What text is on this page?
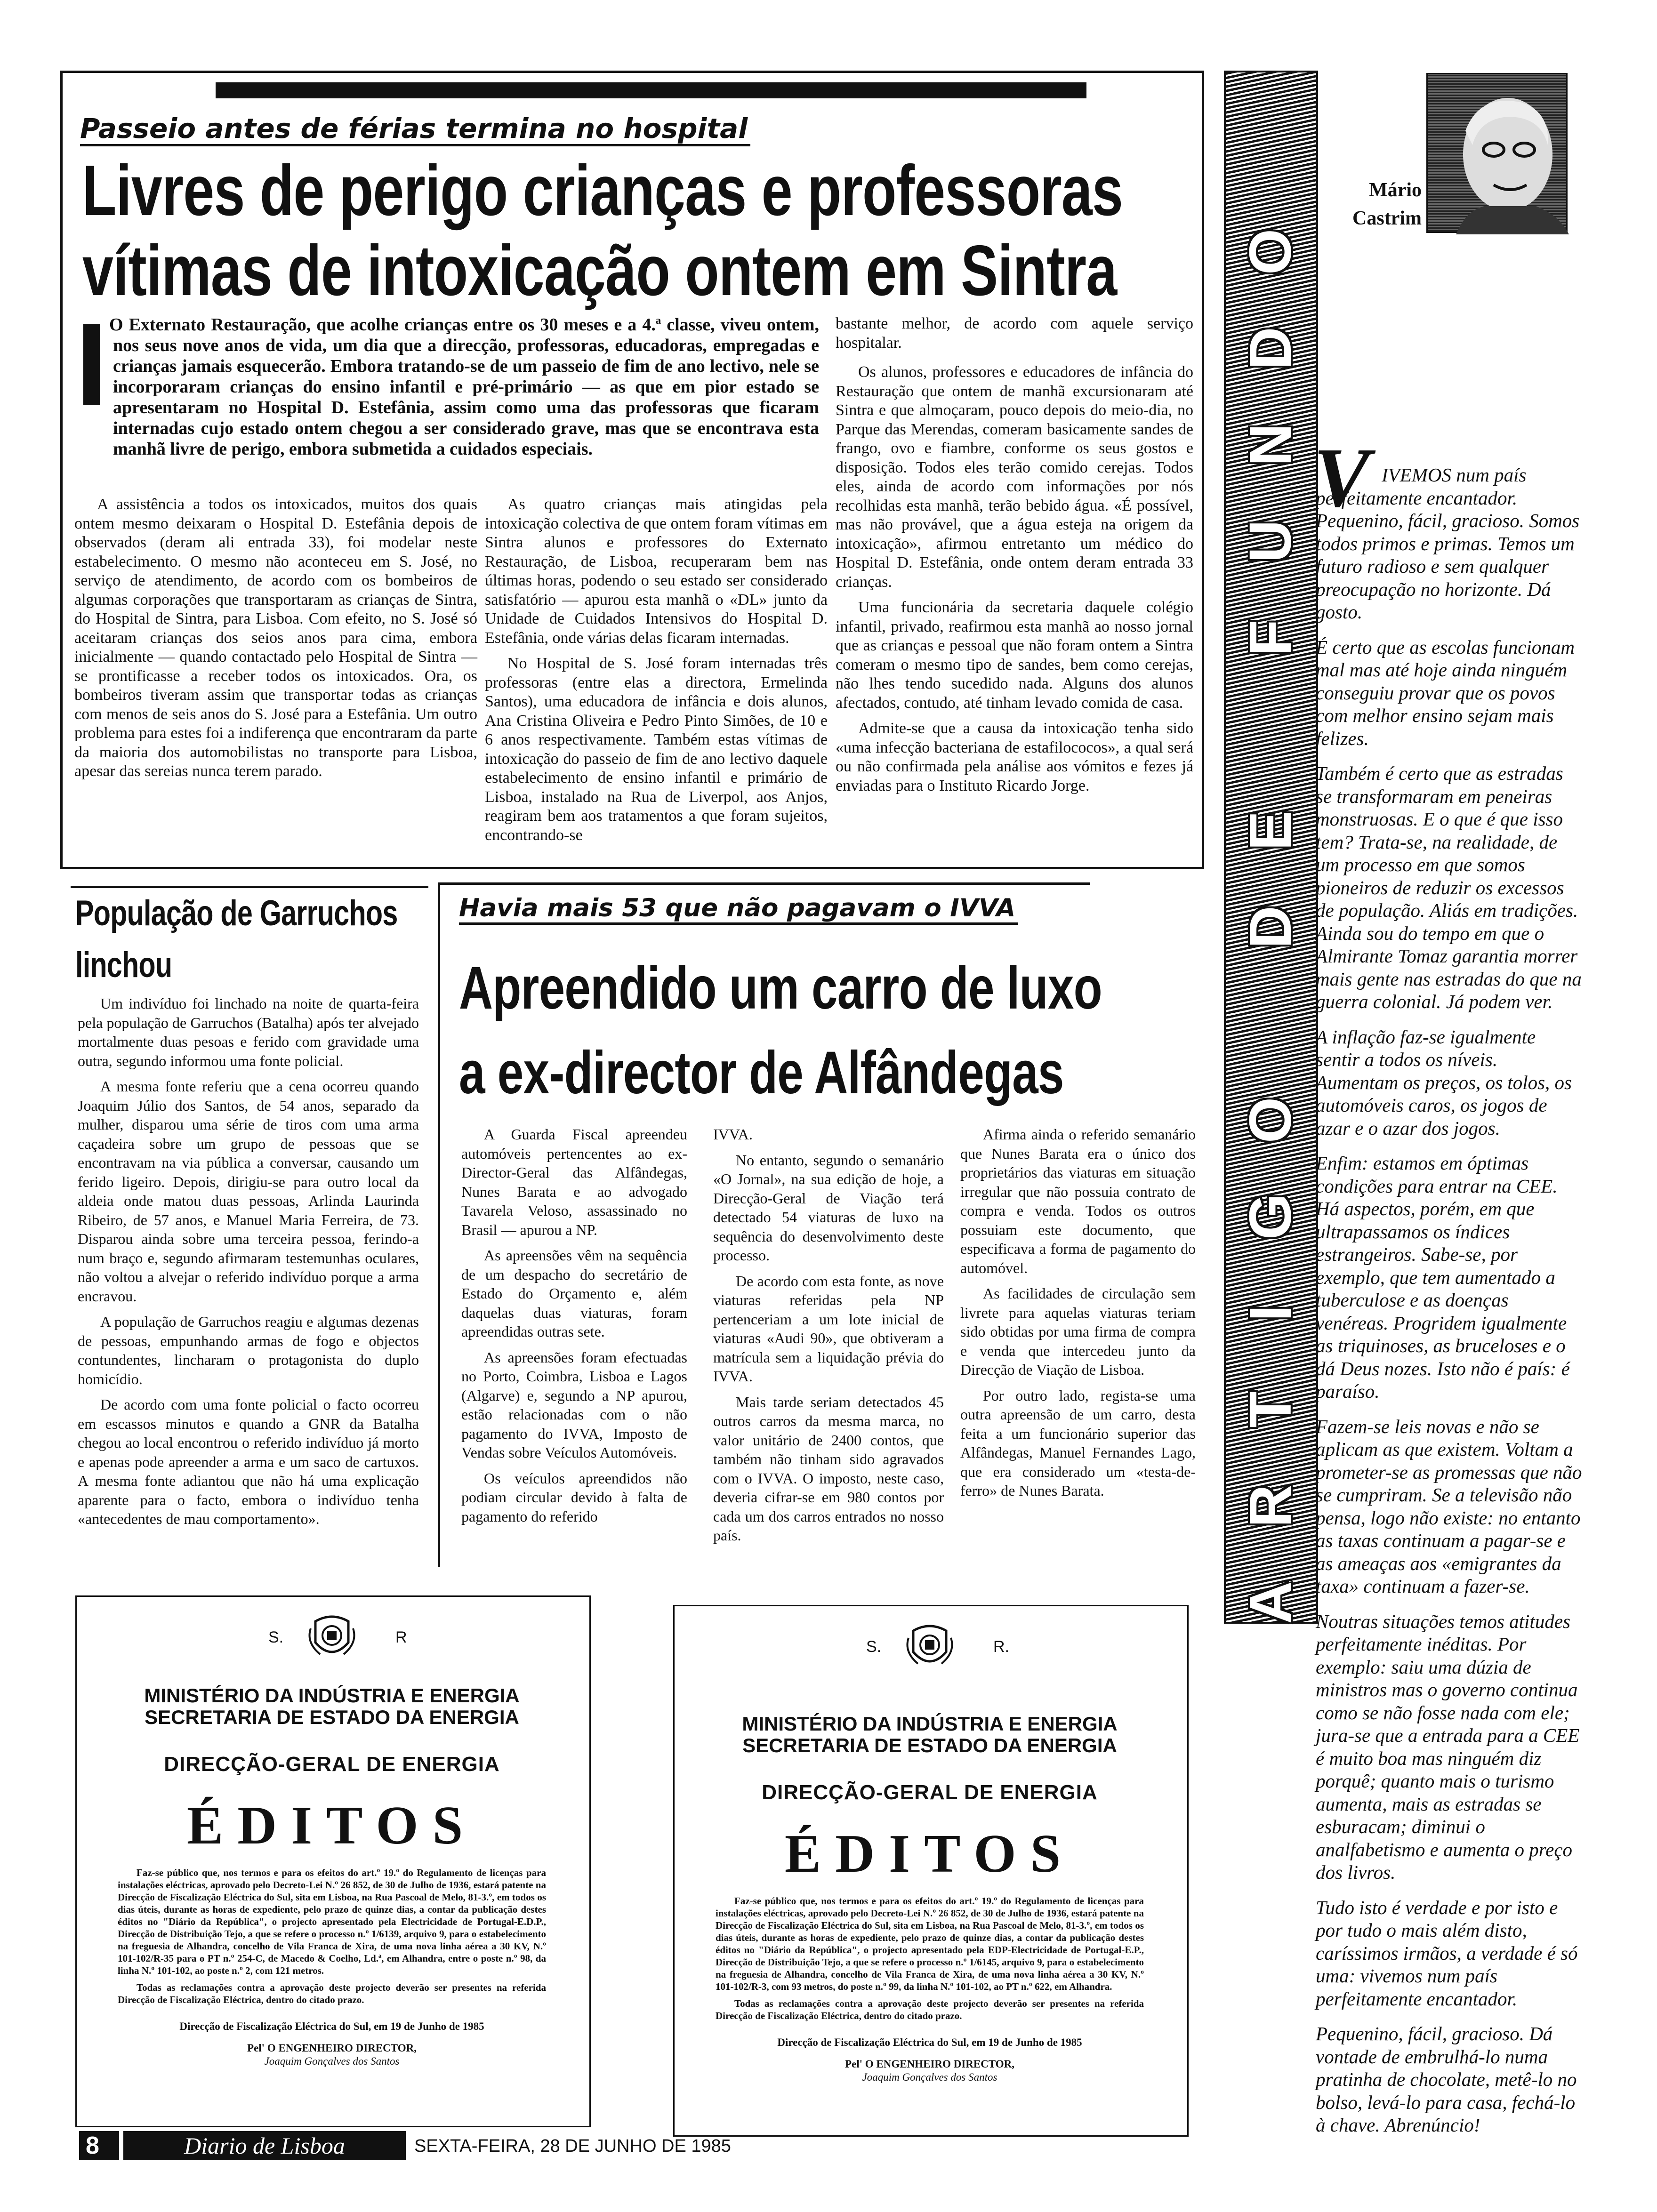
Passeio antes de férias termina no hospital
Livres de perigo crianças e professoras
vítimas de intoxicação ontem em Sintra
I O Externato Restauração, que acolhe crianças entre os 30 meses e a 4.ª classe, viveu ontem, nos seus nove anos de vida, um dia que a direcção, professoras, educadoras, empregadas e crianças jamais esquecerão. Embora tratando-se de um passeio de fim de ano lectivo, nele se incorporaram crianças do ensino infantil e pré-primário — as que em pior estado se apresentaram no Hospital D. Estefânia, assim como uma das professoras que ficaram internadas cujo estado ontem chegou a ser considerado grave, mas que se encontrava esta manhã livre de perigo, embora submetida a cuidados especiais.

A assistência a todos os intoxicados, muitos dos quais ontem mesmo deixaram o Hospital D. Estefânia depois de observados (deram ali entrada 33), foi modelar neste estabelecimento. O mesmo não aconteceu em S. José, no serviço de atendimento, de acordo com os bombeiros de algumas corporações que transportaram as crianças de Sintra, do Hospital de Sintra, para Lisboa. Com efeito, no S. José só aceitaram crianças dos seios anos para cima, embora inicialmente — quando contactado pelo Hospital de Sintra — se prontificasse a receber todos os intoxicados. Ora, os bombeiros tiveram assim que transportar todas as crianças com menos de seis anos do S. José para a Estefânia. Um outro problema para estes foi a indiferença que encontraram da parte da maioria dos automobilistas no transporte para Lisboa, apesar das sereias nunca terem parado.

As quatro crianças mais atingidas pela intoxicação colectiva de que ontem foram vítimas em Sintra alunos e professores do Externato Restauração, de Lisboa, recuperaram bem nas últimas horas, podendo o seu estado ser considerado satisfatório — apurou esta manhã o «DL» junto da Unidade de Cuidados Intensivos do Hospital D. Estefânia, onde várias delas ficaram internadas.

No Hospital de S. José foram internadas três professoras (entre elas a directora, Ermelinda Santos), uma educadora de infância e dois alunos, Ana Cristina Oliveira e Pedro Pinto Simões, de 10 e 6 anos respectivamente. Também estas vítimas de intoxicação do passeio de fim de ano lectivo daquele estabelecimento de ensino infantil e primário de Lisboa, instalado na Rua de Liverpol, aos Anjos, reagiram bem aos tratamentos a que foram sujeitos, encontrando-se

bastante melhor, de acordo com aquele serviço hospitalar.

Os alunos, professores e educadores de infância do Restauração que ontem de manhã excursionaram até Sintra e que almoçaram, pouco depois do meio-dia, no Parque das Merendas, comeram basicamente sandes de frango, ovo e fiambre, conforme os seus gostos e disposição. Todos eles terão comido cerejas. Todos eles, ainda de acordo com informações por nós recolhidas esta manhã, terão bebido água. «É possível, mas não provável, que a água esteja na origem da intoxicação», afirmou entretanto um médico do Hospital D. Estefânia, onde ontem deram entrada 33 crianças.

Uma funcionária da secretaria daquele colégio infantil, privado, reafirmou esta manhã ao nosso jornal que as crianças e pessoal que não foram ontem a Sintra comeram o mesmo tipo de sandes, bem como cerejas, não lhes tendo sucedido nada. Alguns dos alunos afectados, contudo, até tinham levado comida de casa.

Admite-se que a causa da intoxicação tenha sido «uma infecção bacteriana de estafilococos», a qual será ou não confirmada pela análise aos vómitos e fezes já enviadas para o Instituto Ricardo Jorge.

População de Garruchos
linchou

Um indivíduo foi linchado na noite de quarta-feira pela população de Garruchos (Batalha) após ter alvejado mortalmente duas pesoas e ferido com gravidade uma outra, segundo informou uma fonte policial.

A mesma fonte referiu que a cena ocorreu quando Joaquim Júlio dos Santos, de 54 anos, separado da mulher, disparou uma série de tiros com uma arma caçadeira sobre um grupo de pessoas que se encontravam na via pública a conversar, causando um ferido ligeiro. Depois, dirigiu-se para outro local da aldeia onde matou duas pessoas, Arlinda Laurinda Ribeiro, de 57 anos, e Manuel Maria Ferreira, de 73. Disparou ainda sobre uma terceira pessoa, ferindo-a num braço e, segundo afirmaram testemunhas oculares, não voltou a alvejar o referido indivíduo porque a arma encravou.

A população de Garruchos reagiu e algumas dezenas de pessoas, empunhando armas de fogo e objectos contundentes, lincharam o protagonista do duplo homicídio.

De acordo com uma fonte policial o facto ocorreu em escassos minutos e quando a GNR da Batalha chegou ao local encontrou o referido indivíduo já morto e apenas pode apreender a arma e um saco de cartuxos. A mesma fonte adiantou que não há uma explicação aparente para o facto, embora o indivíduo tenha «antecedentes de mau comportamento».

Havia mais 53 que não pagavam o IVVA
Apreendido um carro de luxo
a ex-director de Alfândegas

A Guarda Fiscal apreendeu automóveis pertencentes ao ex-Director-Geral das Alfândegas, Nunes Barata e ao advogado Tavarela Veloso, assassinado no Brasil — apurou a NP.

As apreensões vêm na sequência de um despacho do secretário de Estado do Orçamento e, além daquelas duas viaturas, foram apreendidas outras sete.

As apreensões foram efectuadas no Porto, Coimbra, Lisboa e Lagos (Algarve) e, segundo a NP apurou, estão relacionadas com o não pagamento do IVVA, Imposto de Vendas sobre Veículos Automóveis.

Os veículos apreendidos não podiam circular devido à falta de pagamento do referido

IVVA.

No entanto, segundo o semanário «O Jornal», na sua edição de hoje, a Direcção-Geral de Viação terá detectado 54 viaturas de luxo na sequência do desenvolvimento deste processo.

De acordo com esta fonte, as nove viaturas referidas pela NP pertenceriam a um lote inicial de viaturas «Audi 90», que obtiveram a matrícula sem a liquidação prévia do IVVA.

Mais tarde seriam detectados 45 outros carros da mesma marca, no valor unitário de 2400 contos, que também não tinham sido agravados com o IVVA. O imposto, neste caso, deveria cifrar-se em 980 contos por cada um dos carros entrados no nosso país.

Afirma ainda o referido semanário que Nunes Barata era o único dos proprietários das viaturas em situação irregular que não possuia contrato de compra e venda. Todos os outros possuiam este documento, que especificava a forma de pagamento do automóvel.

As facilidades de circulação sem livrete para aquelas viaturas teriam sido obtidas por uma firma de compra e venda que intercedeu junto da Direcção de Viação de Lisboa.

Por outro lado, regista-se uma outra apreensão de um carro, desta feita a um funcionário superior das Alfândegas, Manuel Fernandes Lago, que era considerado um «testa-de-ferro» de Nunes Barata.

S.	R
MINISTÉRIO DA INDÚSTRIA E ENERGIA
SECRETARIA DE ESTADO DA ENERGIA
DIRECÇÃO-GERAL DE ENERGIA
ÉDITOS
Faz-se público que, nos termos e para os efeitos do art.º 19.º do Regulamento de licenças para instalações eléctricas, aprovado pelo Decreto-Lei N.º 26 852, de 30 de Julho de 1936, estará patente na Direcção de Fiscalização Eléctrica do Sul, sita em Lisboa, na Rua Pascoal de Melo, 81-3.º, em todos os dias úteis, durante as horas de expediente, pelo prazo de quinze dias, a contar da publicação destes éditos no "Diário da República", o projecto apresentado pela Electricidade de Portugal-E.D.P., Direcção de Distribuição Tejo, a que se refere o processo n.º 1/6139, arquivo 9, para o estabelecimento na freguesia de Alhandra, concelho de Vila Franca de Xira, de uma nova linha aérea a 30 KV, N.º 101-102/R-35 para o PT n.º 254-C, de Macedo & Coelho, Ld.ª, em Alhandra, entre o poste n.º 98, da linha N.º 101-102, ao poste n.º 2, com 121 metros.
Todas as reclamações contra a aprovação deste projecto deverão ser presentes na referida Direcção de Fiscalização Eléctrica, dentro do citado prazo.
Direcção de Fiscalização Eléctrica do Sul, em 19 de Junho de 1985
Pel' O ENGENHEIRO DIRECTOR,
Joaquim Gonçalves dos Santos
S.	R.
MINISTÉRIO DA INDÚSTRIA E ENERGIA
SECRETARIA DE ESTADO DA ENERGIA
DIRECÇÃO-GERAL DE ENERGIA
ÉDITOS
Faz-se público que, nos termos e para os efeitos do art.º 19.º do Regulamento de licenças para instalações eléctricas, aprovado pelo Decreto-Lei N.º 26 852, de 30 de Julho de 1936, estará patente na Direcção de Fiscalização Eléctrica do Sul, sita em Lisboa, na Rua Pascoal de Melo, 81-3.º, em todos os dias úteis, durante as horas de expediente, pelo prazo de quinze dias, a contar da publicação destes éditos no "Diário da República", o projecto apresentado pela EDP-Electricidade de Portugal-E.P., Direcção de Distribuição Tejo, a que se refere o processo n.º 1/6145, arquivo 9, para o estabelecimento na freguesia de Alhandra, concelho de Vila Franca de Xira, de uma nova linha aérea a 30 KV, N.º 101-102/R-3, com 93 metros, do poste n.º 99, da linha N.º 101-102, ao PT n.º 622, em Alhandra.
Todas as reclamações contra a aprovação deste projecto deverão ser presentes na referida Direcção de Fiscalização Eléctrica, dentro do citado prazo.
Direcção de Fiscalização Eléctrica do Sul, em 19 de Junho de 1985
Pel' O ENGENHEIRO DIRECTOR,
Joaquim Gonçalves dos Santos
A
R
T
I
G
O
D
E
F
U
N
D
O
Mário
Castrim
V IVEMOS num país perfeitamente encantador. Pequenino, fácil, gracioso. Somos todos primos e primas. Temos um futuro radioso e sem qualquer preocupação no horizonte. Dá gosto.

É certo que as escolas funcionam mal mas até hoje ainda ninguém conseguiu provar que os povos com melhor ensino sejam mais felizes.

Também é certo que as estradas se transformaram em peneiras monstruosas. E o que é que isso tem? Trata-se, na realidade, de um processo em que somos pioneiros de reduzir os excessos de população. Aliás em tradições. Ainda sou do tempo em que o Almirante Tomaz garantia morrer mais gente nas estradas do que na guerra colonial. Já podem ver.

A inflação faz-se igualmente sentir a todos os níveis. Aumentam os preços, os tolos, os automóveis caros, os jogos de azar e o azar dos jogos.

Enfim: estamos em óptimas condições para entrar na CEE. Há aspectos, porém, em que ultrapassamos os índices estrangeiros. Sabe-se, por exemplo, que tem aumentado a tuberculose e as doenças venéreas. Progridem igualmente as triquinoses, as bruceloses e o dá Deus nozes. Isto não é país: é paraíso.

Fazem-se leis novas e não se aplicam as que existem. Voltam a prometer-se as promessas que não se cumpriram. Se a televisão não pensa, logo não existe: no entanto as taxas continuam a pagar-se e as ameaças aos «emigrantes da taxa» continuam a fazer-se.

Noutras situações temos atitudes perfeitamente inéditas. Por exemplo: saiu uma dúzia de ministros mas o governo continua como se não fosse nada com ele; jura-se que a entrada para a CEE é muito boa mas ninguém diz porquê; quanto mais o turismo aumenta, mais as estradas se esburacam; diminui o analfabetismo e aumenta o preço dos livros.

Tudo isto é verdade e por isto e por tudo o mais além disto, caríssimos irmãos, a verdade é só uma: vivemos num país perfeitamente encantador.

Pequenino, fácil, gracioso. Dá vontade de embrulhá-lo numa pratinha de chocolate, metê-lo no bolso, levá-lo para casa, fechá-lo à chave. Abrenúncio!

8	Diario de Lisboa	SEXTA-FEIRA, 28 DE JUNHO DE 1985
